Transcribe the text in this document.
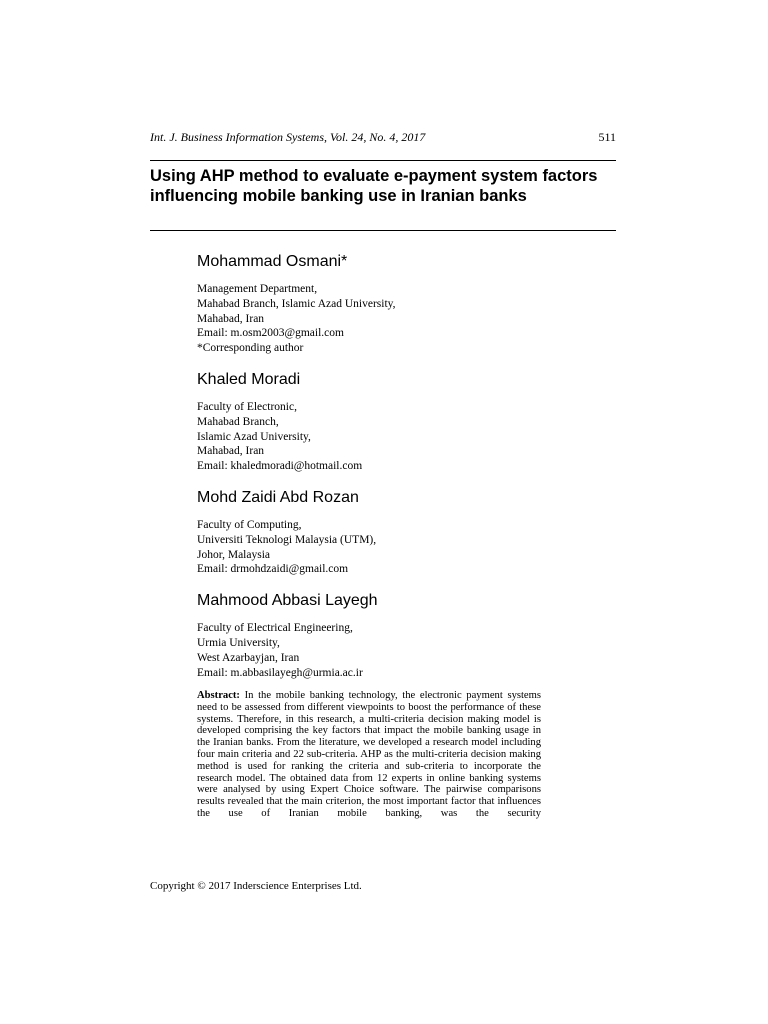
Int. J. Business Information Systems, Vol. 24, No. 4, 2017	511
Using AHP method to evaluate e-payment system factors influencing mobile banking use in Iranian banks
Mohammad Osmani*
Management Department,
Mahabad Branch, Islamic Azad University,
Mahabad, Iran
Email: m.osm2003@gmail.com
*Corresponding author
Khaled Moradi
Faculty of Electronic,
Mahabad Branch,
Islamic Azad University,
Mahabad, Iran
Email: khaledmoradi@hotmail.com
Mohd Zaidi Abd Rozan
Faculty of Computing,
Universiti Teknologi Malaysia (UTM),
Johor, Malaysia
Email: drmohdzaidi@gmail.com
Mahmood Abbasi Layegh
Faculty of Electrical Engineering,
Urmia University,
West Azarbayjan, Iran
Email: m.abbasilayegh@urmia.ac.ir

Abstract: In the mobile banking technology, the electronic payment systems need to be assessed from different viewpoints to boost the performance of these systems. Therefore, in this research, a multi-criteria decision making model is developed comprising the key factors that impact the mobile banking usage in the Iranian banks. From the literature, we developed a research model including four main criteria and 22 sub-criteria. AHP as the multi-criteria decision making method is used for ranking the criteria and sub-criteria to incorporate the research model. The obtained data from 12 experts in online banking systems were analysed by using Expert Choice software. The pairwise comparisons results revealed that the main criterion, the most important factor that influences the use of Iranian mobile banking, was the security

Copyright © 2017 Inderscience Enterprises Ltd.
